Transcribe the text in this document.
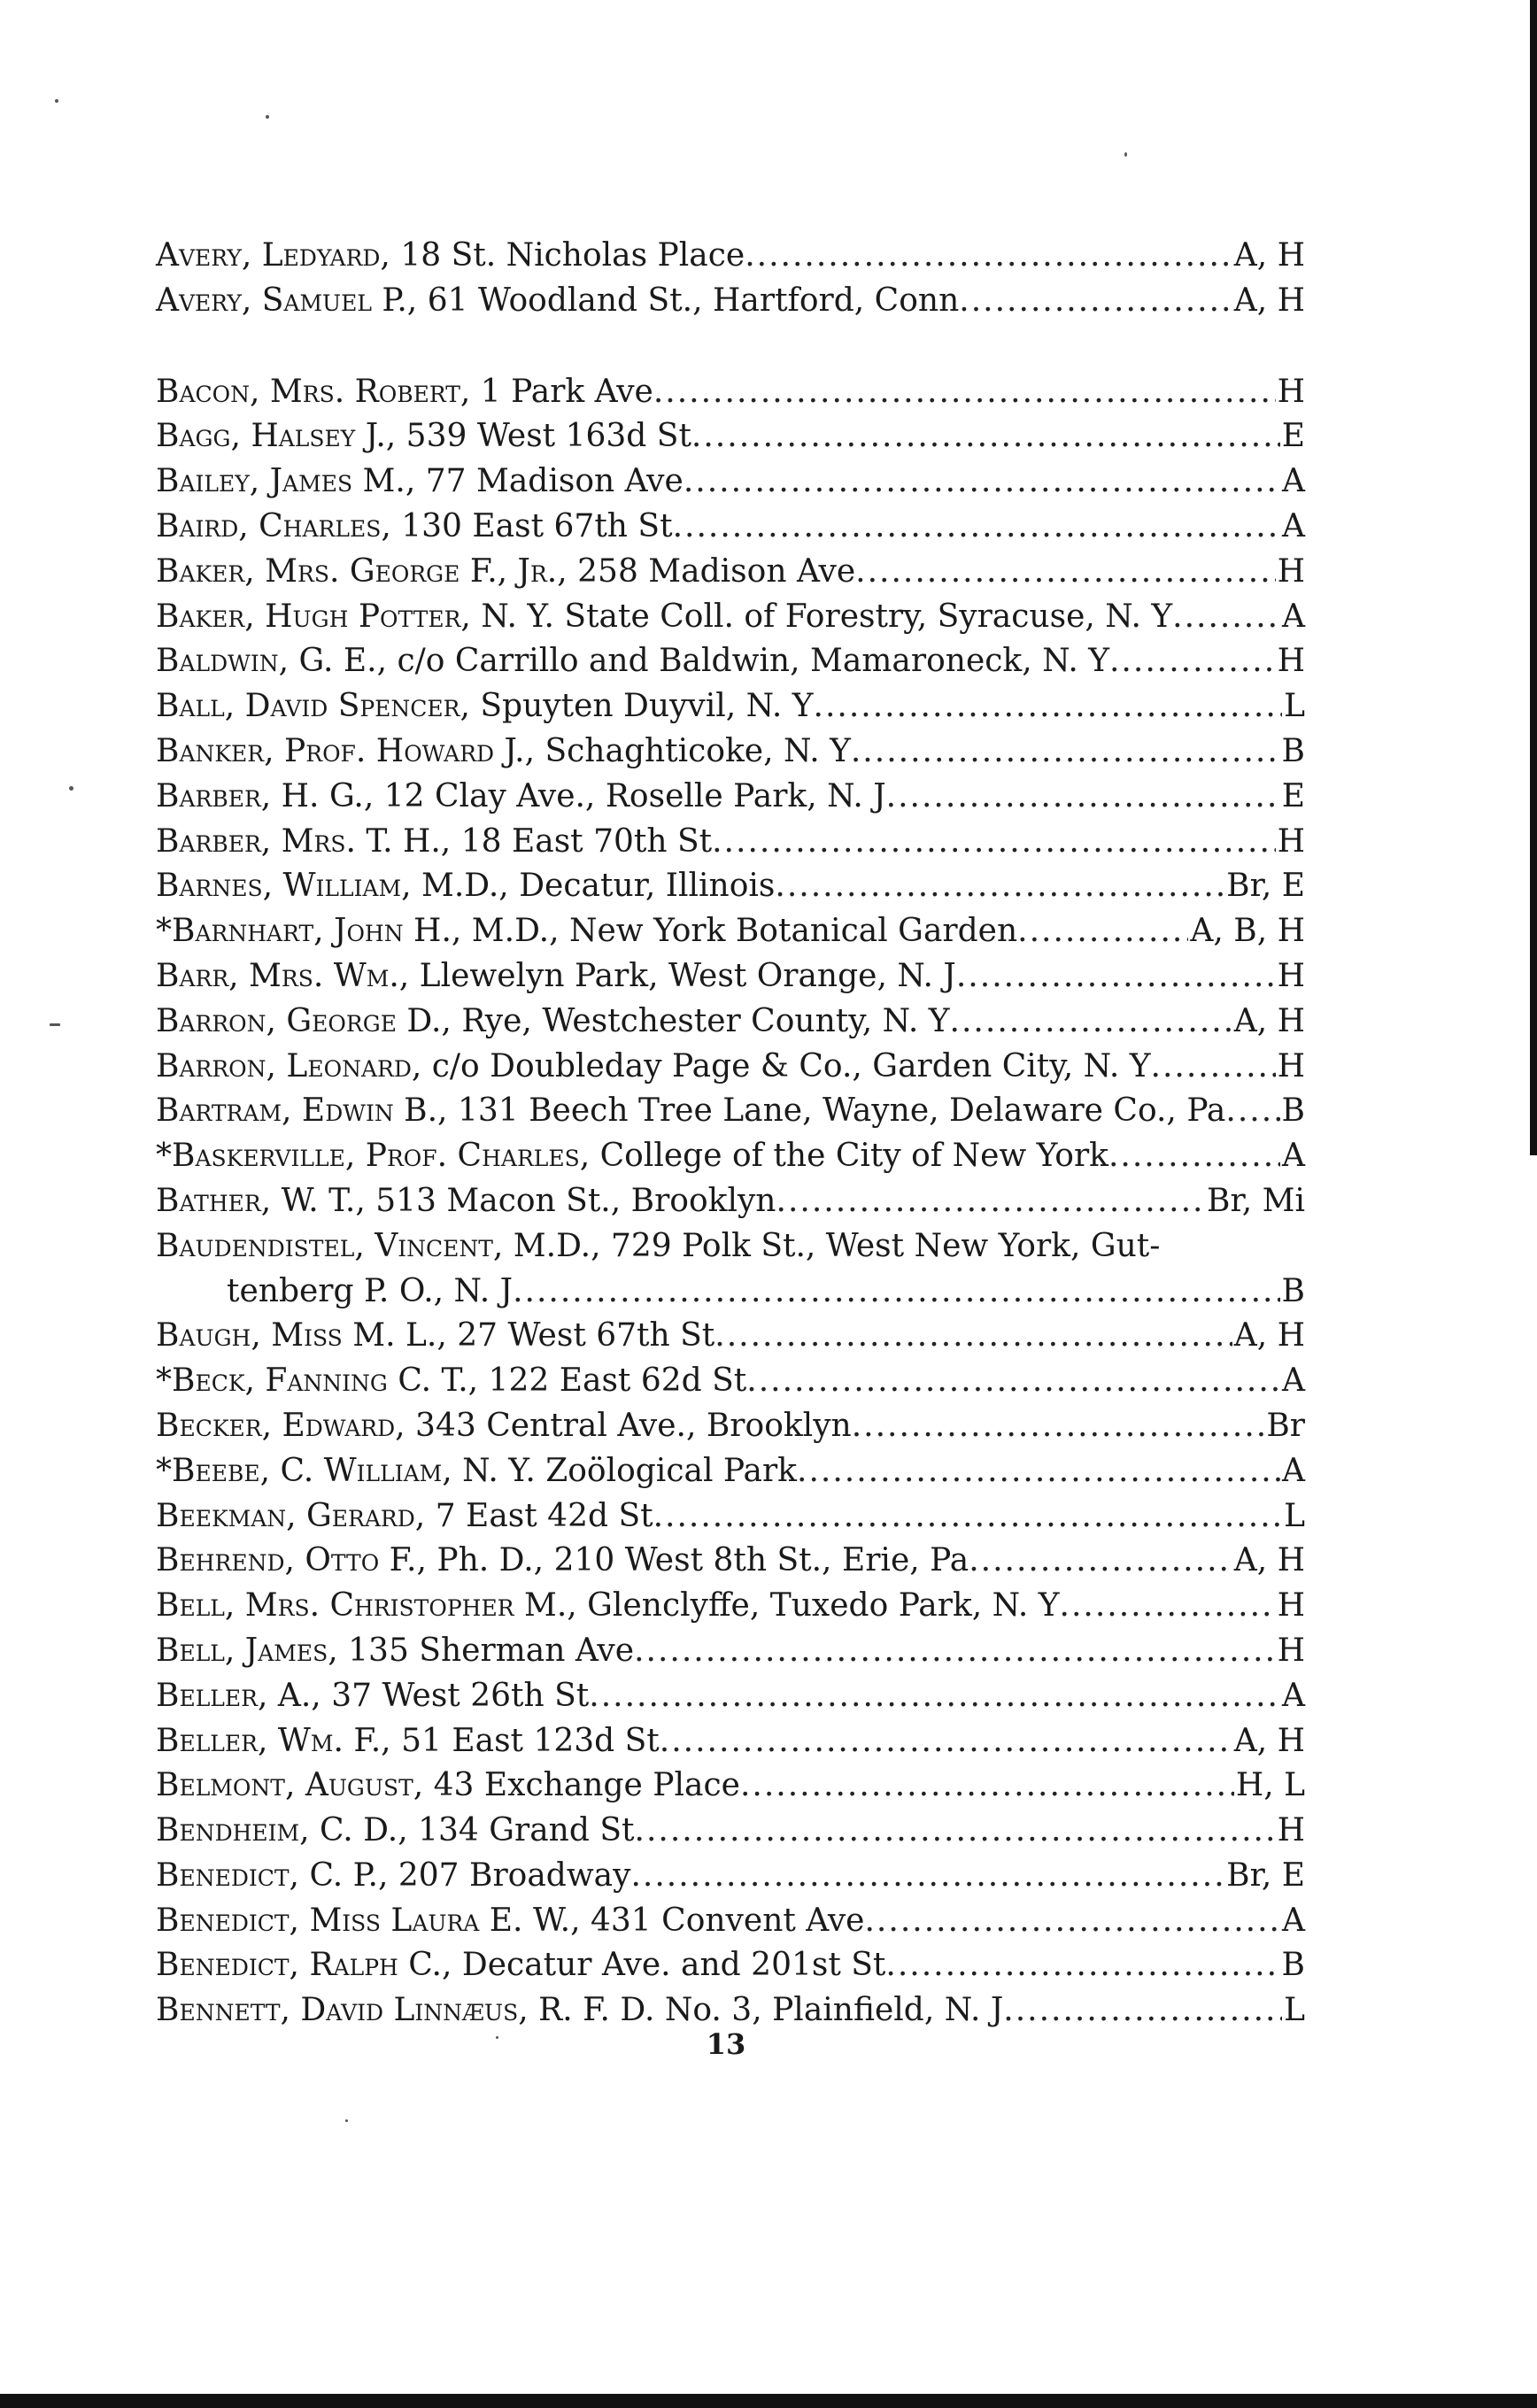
Avery, Ledyard, 18 St. Nicholas Place .....	A, H
Avery, Samuel P., 61 Woodland St., Hartford, Conn .....	A, H
Bacon, Mrs. Robert, 1 Park Ave .....	H
Bagg, Halsey J., 539 West 163d St .....	E
Bailey, James M., 77 Madison Ave .....	A
Baird, Charles, 130 East 67th St .....	A
Baker, Mrs. George F., Jr., 258 Madison Ave .....	H
Baker, Hugh Potter, N. Y. State Coll. of Forestry, Syracuse, N. Y .....	A
Baldwin, G. E., c/o Carrillo and Baldwin, Mamaroneck, N. Y .....	H
Ball, David Spencer, Spuyten Duyvil, N. Y .....	L
Banker, Prof. Howard J., Schaghticoke, N. Y .....	B
Barber, H. G., 12 Clay Ave., Roselle Park, N. J .....	E
Barber, Mrs. T. H., 18 East 70th St .....	H
Barnes, William, M.D., Decatur, Illinois .....	Br, E
*Barnhart, John H., M.D., New York Botanical Garden .....	A, B, H
Barr, Mrs. Wm., Llewelyn Park, West Orange, N. J .....	H
Barron, George D., Rye, Westchester County, N. Y .....	A, H
Barron, Leonard, c/o Doubleday Page & Co., Garden City, N. Y .....	H
Bartram, Edwin B., 131 Beech Tree Lane, Wayne, Delaware Co., Pa ..... B
*Baskerville, Prof. Charles, College of the City of New York .....	A
Bather, W. T., 513 Macon St., Brooklyn .....	Br, Mi
Baudendistel, Vincent, M.D., 729 Polk St., West New York, Gut-
tenberg P. O., N. J .....	B
Baugh, Miss M. L., 27 West 67th St .....	A, H
*Beck, Fanning C. T., 122 East 62d St .....	A
Becker, Edward, 343 Central Ave., Brooklyn .....	Br
*Beebe, C. William, N. Y. Zoölogical Park .....	A
Beekman, Gerard, 7 East 42d St .....	L
Behrend, Otto F., Ph. D., 210 West 8th St., Erie, Pa .....	A, H
Bell, Mrs. Christopher M., Glenclyffe, Tuxedo Park, N. Y .....	H
Bell, James, 135 Sherman Ave .....	H
Beller, A., 37 West 26th St .....	A
Beller, Wm. F., 51 East 123d St .....	A, H
Belmont, August, 43 Exchange Place .....	H, L
Bendheim, C. D., 134 Grand St .....	H
Benedict, C. P., 207 Broadway .....	Br, E
Benedict, Miss Laura E. W., 431 Convent Ave .....	A
Benedict, Ralph C., Decatur Ave. and 201st St .....	B
Bennett, David Linnæus, R. F. D. No. 3, Plainfield, N. J .....	L
13
